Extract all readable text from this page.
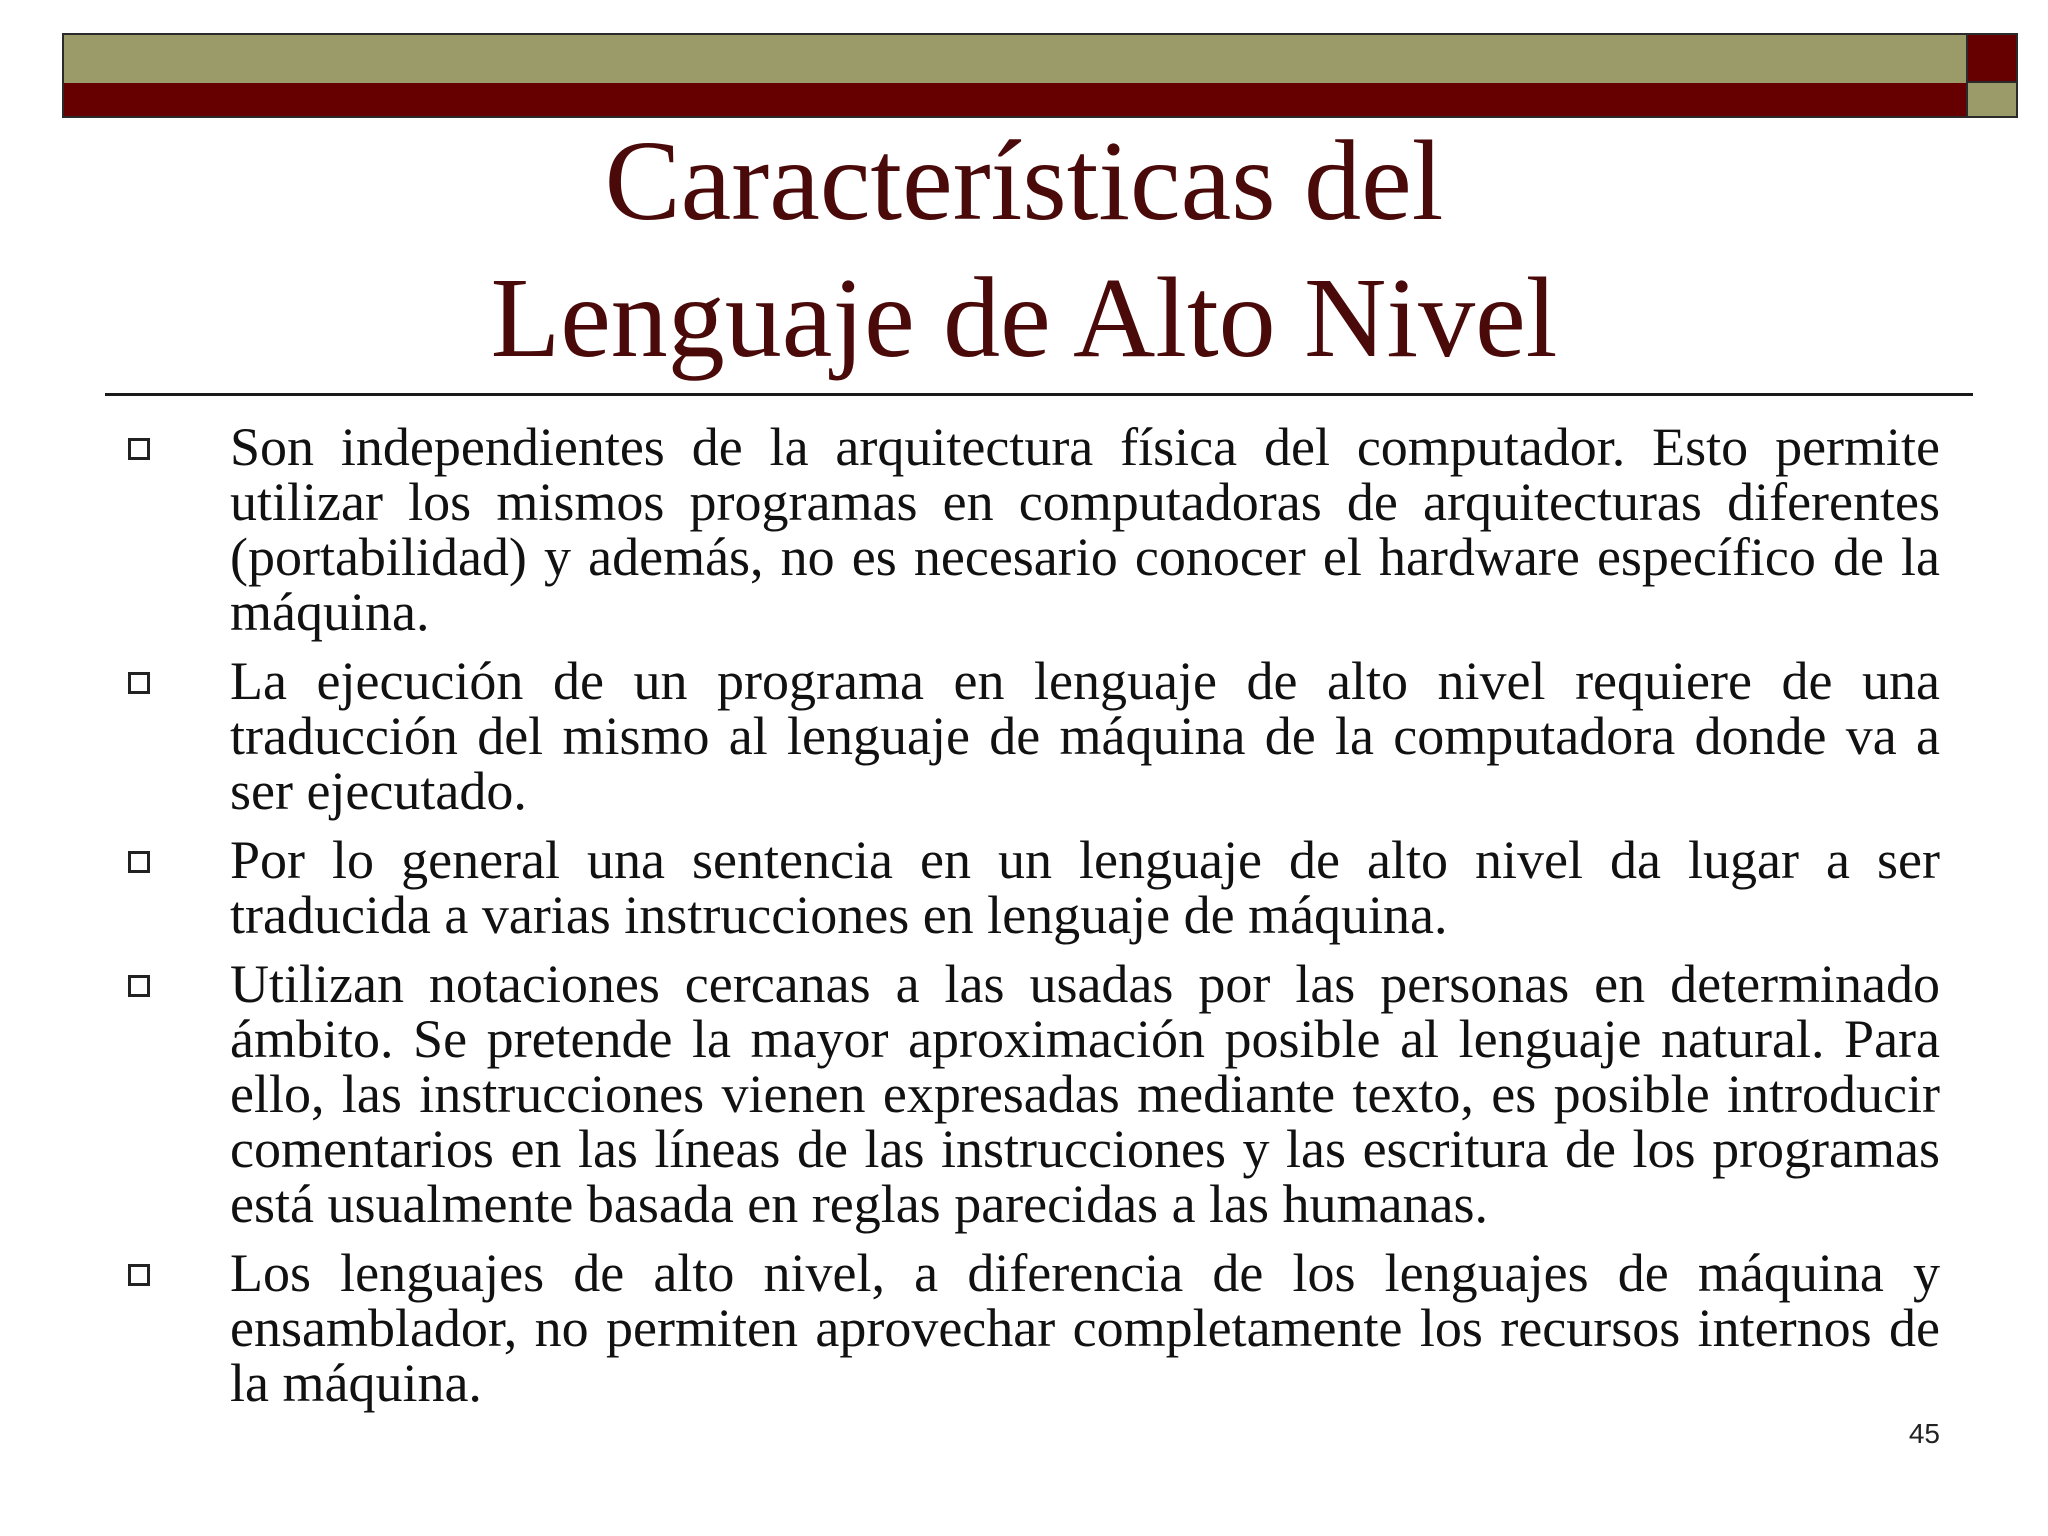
Características del
Lenguaje de Alto Nivel
Son independientes de la arquitectura física del computador. Esto permite utilizar los mismos programas en computadoras de arquitecturas diferentes (portabilidad) y además, no es necesario conocer el hardware específico de la máquina.
La ejecución de un programa en lenguaje de alto nivel requiere de una traducción del mismo al lenguaje de máquina de la computadora donde va a ser ejecutado.
Por lo general una sentencia en un lenguaje de alto nivel da lugar a ser traducida a varias instrucciones en lenguaje de máquina.
Utilizan notaciones cercanas a las usadas por las personas en determinado ámbito. Se pretende la mayor aproximación posible al lenguaje natural. Para ello, las instrucciones vienen expresadas mediante texto, es posible introducir comentarios en las líneas de las instrucciones y las escritura de los programas está usualmente basada en reglas parecidas a las humanas.
Los lenguajes de alto nivel, a diferencia de los lenguajes de máquina y ensamblador, no permiten aprovechar completamente los recursos internos de la máquina.
45
